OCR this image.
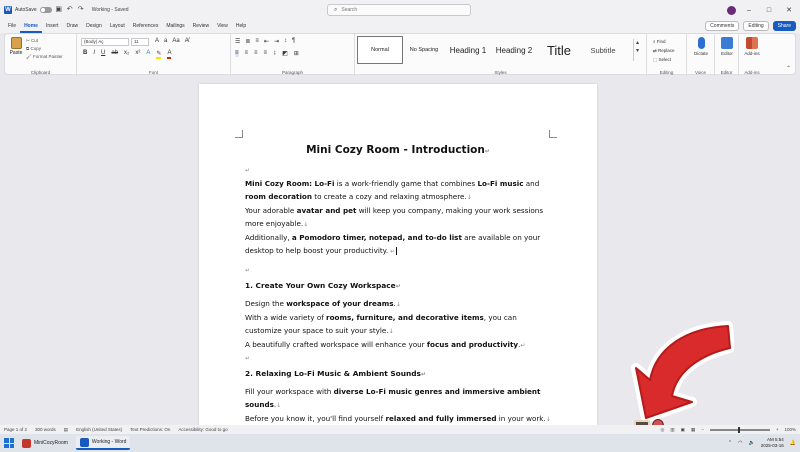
W AutoSave	▣ ↶ ↷ Working - Saved	⌕
Search	–	□	✕
File	Home	Insert	Draw	Design	Layout	References	Mailings	Review	View	Help	Comments	Editing	Share
Paste
✂ Cut
⧉ Copy
🖌 Format Painter
Clipboard
(Body) Aç	11	A a Aa A̸
B I U ab x₂ x² A ✎ A
Font
☰ ≣ ≡ ⇤ ⇥ ↕ ¶
≡ ≡ ≡ ≡ ↨ ◩ ⊞
Paragraph	Styles
Normal	No Spacing	Heading 1	Heading 2	Title	Subtitle
▴
▾
Editing
⌕ Find
⇄ Replace
⬚ Select
Dictate
Voice
Editor
Editor
Add-ins
Add-ins
⌃
Mini Cozy Room - Introduction↵
↵

Mini Cozy Room: Lo-Fi is a work-friendly game that combines Lo-Fi music and room decoration to create a cozy and relaxing atmosphere.↓

Your adorable avatar and pet will keep you company, making your work sessions more enjoyable.↓

Additionally, a Pomodoro timer, notepad, and to-do list are available on your desktop to help boost your productivity. ↵

↵
1. Create Your Own Cozy Workspace↵

Design the workspace of your dreams.↓

With a wide variety of rooms, furniture, and decorative items, you can customize your space to suit your style.↓

A beautifully crafted workspace will enhance your focus and productivity.↵

↵
2. Relaxing Lo-Fi Music & Ambient Sounds↵

Fill your workspace with diverse Lo-Fi music genres and immersive ambient sounds.↓

Before you know it, you'll find yourself relaxed and fully immersed in your work.↓

Page 1 of 2 300 words ▤ English (United States) Text Predictions: On Accessibility: Good to go	◎ ▥ ▣ ▦ −	+ 100%
MiniCozyRoom	Working - Word	⌃ ◠ 🔈
AM 5:54
2025-03-16 🔔
